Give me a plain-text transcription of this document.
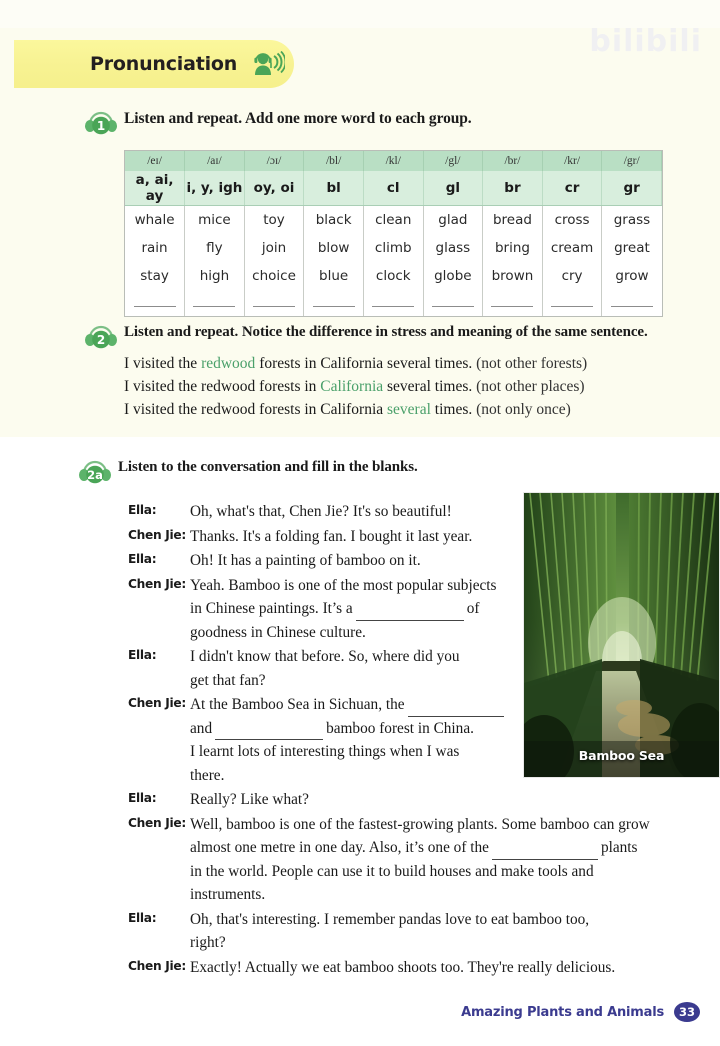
bilibili
Pronunciation
1 Listen and repeat. Add one more word to each group.
/eɪ/	/aɪ/	/ɔɪ/	/bl/	/kl/	/gl/	/br/	/kr/	/gr/
a, ai, ay	i, y, igh	oy, oi	bl	cl	gl	br	cr	gr
whale	mice	toy	black	clean	glad	bread	cross	grass
rain	fly	join	blow	climb	glass	bring	cream	great
stay	high	choice	blue	clock	globe	brown	cry	grow

2
Listen and repeat. Notice the difference in stress and meaning of the same sentence.
I visited the redwood forests in California several times. (not other forests)
I visited the redwood forests in California several times. (not other places)
I visited the redwood forests in California several times. (not only once)
2a Listen to the conversation and fill in the blanks.
Bamboo Sea
Ella:	Oh, what's that, Chen Jie? It's so beautiful!
Chen Jie: Thanks. It's a folding fan. I bought it last year.
Ella:	Oh! It has a painting of bamboo on it.
Chen Jie: Yeah. Bamboo is one of the most popular subjects
in Chinese paintings. It’s a	of
goodness in Chinese culture.
Ella:	I didn't know that before. So, where did you
get that fan?
Chen Jie: At the Bamboo Sea in Sichuan, the
and	bamboo forest in China.
I learnt lots of interesting things when I was
there.
Ella:	Really? Like what?
Chen Jie: Well, bamboo is one of the fastest-growing plants. Some bamboo can grow
almost one metre in one day. Also, it’s one of the	plants
in the world. People can use it to build houses and make tools and
instruments.
Ella:	Oh, that's interesting. I remember pandas love to eat bamboo too,
right?
Chen Jie: Exactly! Actually we eat bamboo shoots too. They're really delicious.
Amazing Plants and Animals	33
